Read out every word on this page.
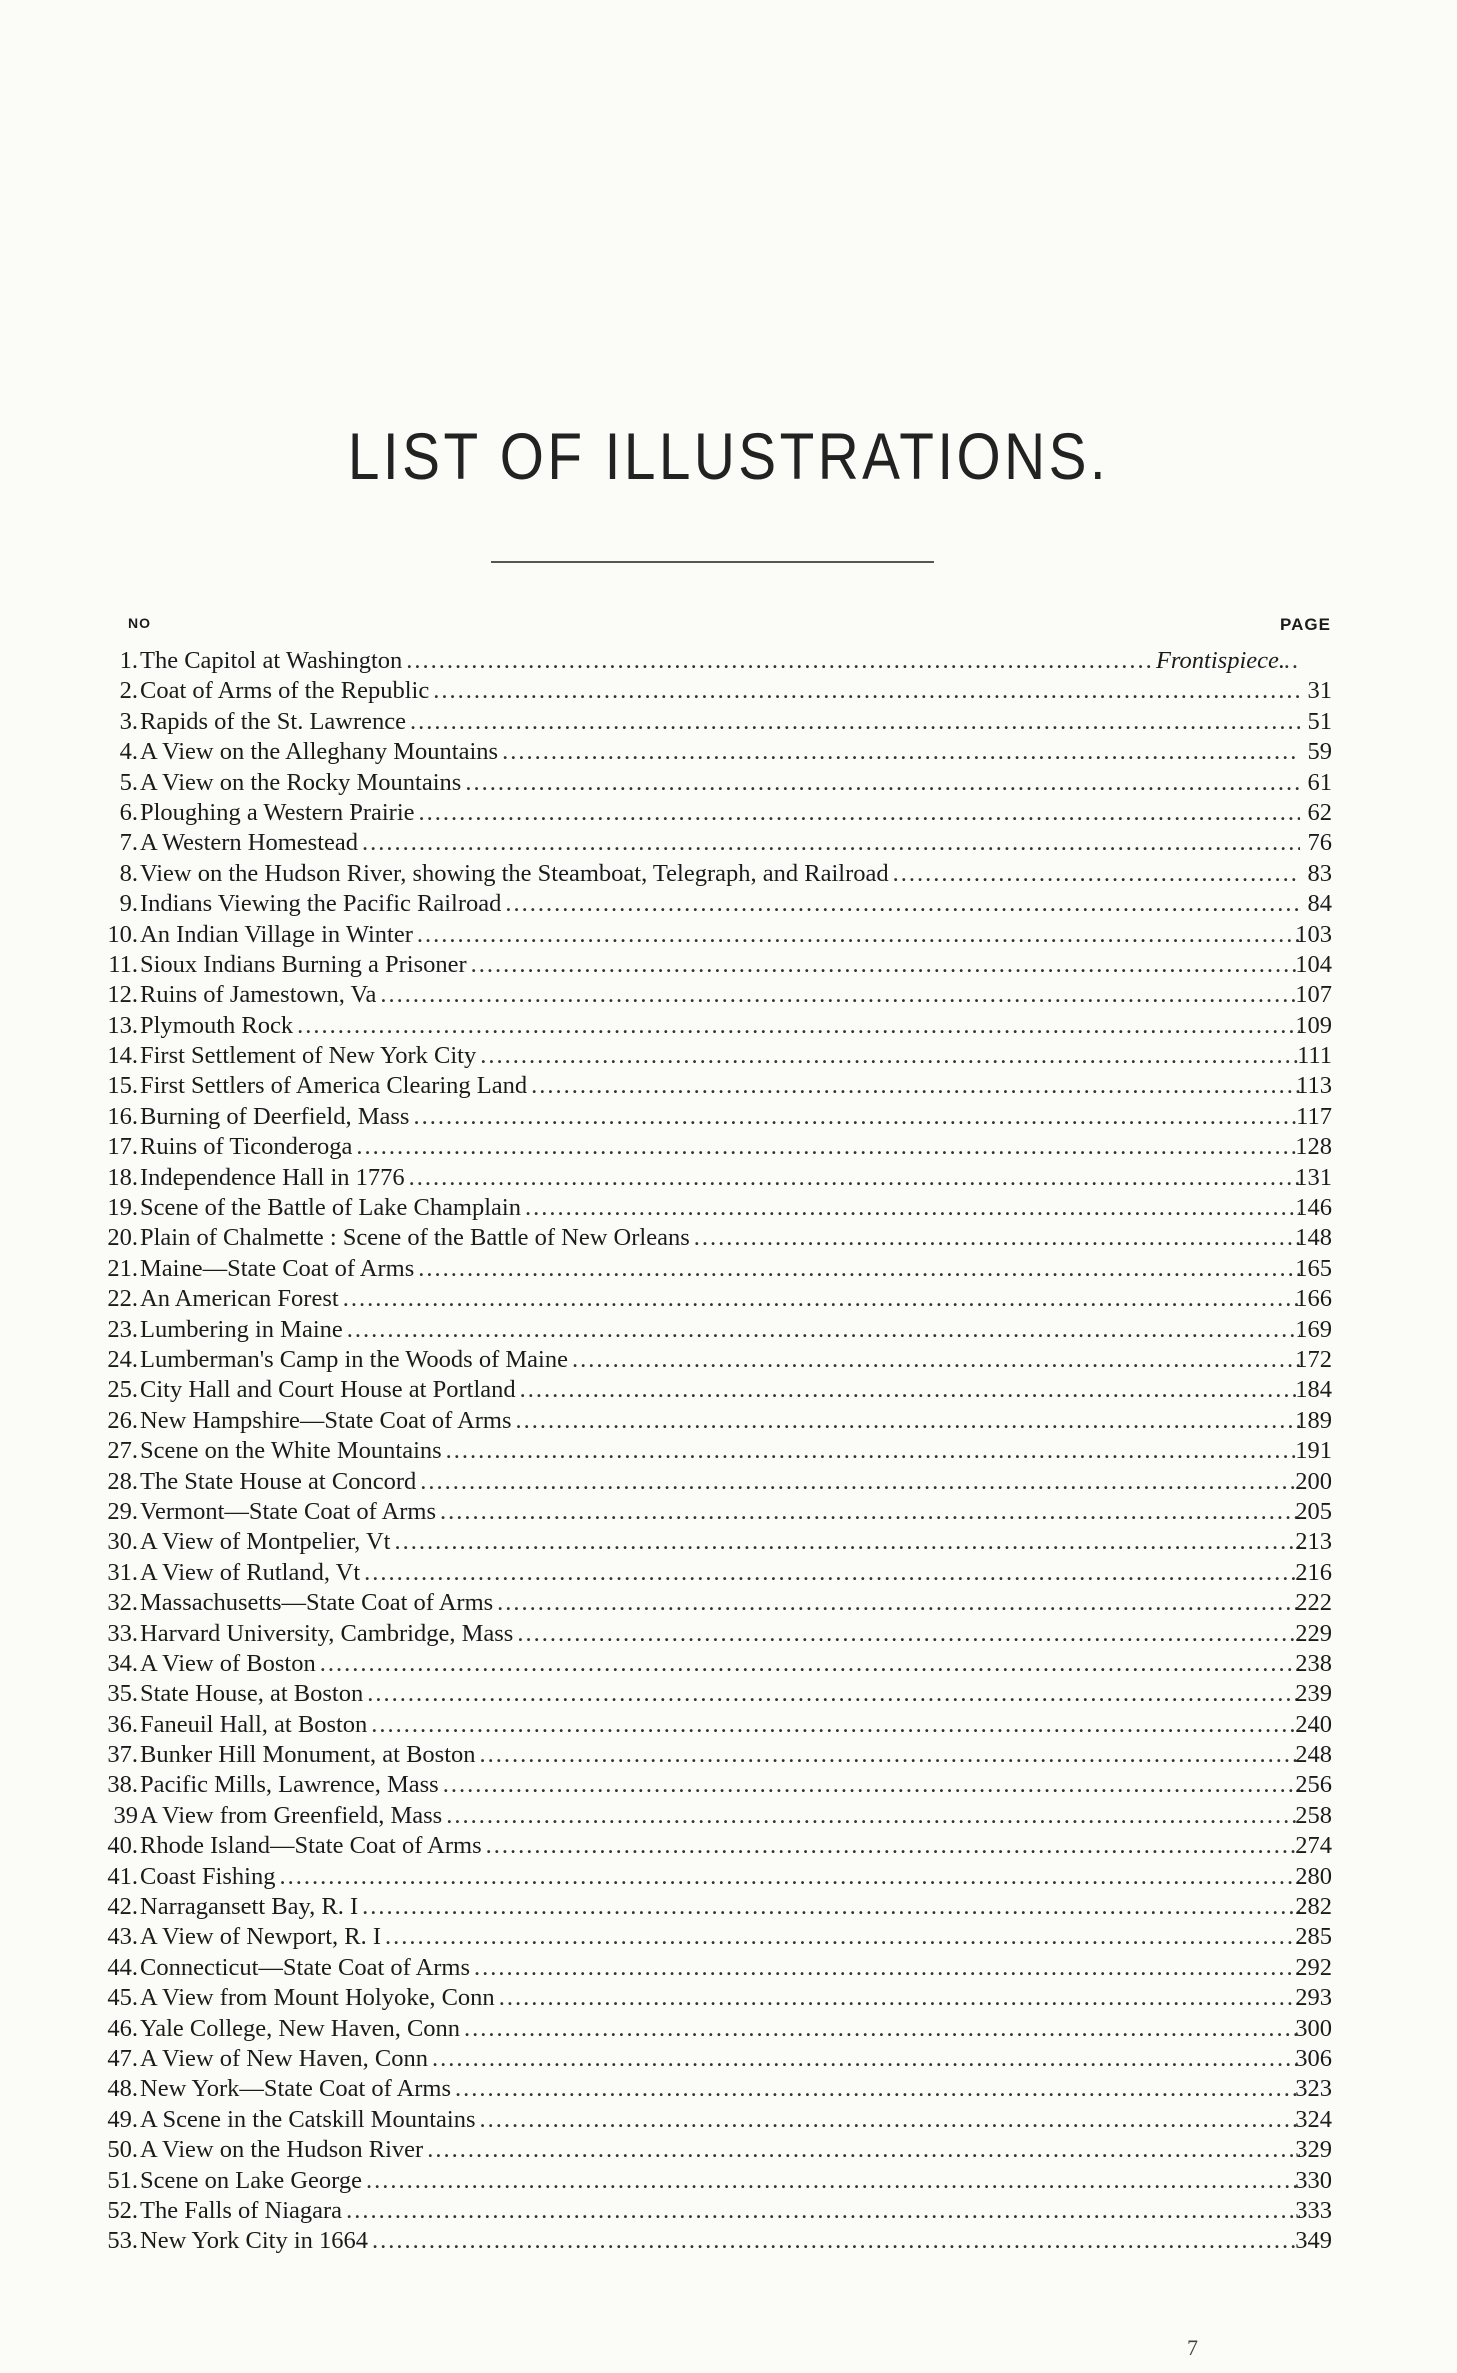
LIST OF ILLUSTRATIONS.
NO	PAGE
1. The Capitol at Washington .....	Frontispiece.
2. Coat of Arms of the Republic .....	31
3. Rapids of the St. Lawrence .....	51
4. A View on the Alleghany Mountains .....	59
5. A View on the Rocky Mountains .....	61
6. Ploughing a Western Prairie .....	62
7. A Western Homestead .....	76
8. View on the Hudson River, showing the Steamboat, Telegraph, and Railroad .....	83
9. Indians Viewing the Pacific Railroad .....	84
10. An Indian Village in Winter .....	103
11. Sioux Indians Burning a Prisoner .....	104
12. Ruins of Jamestown, Va .....	107
13. Plymouth Rock .....	109
14. First Settlement of New York City .....	111
15. First Settlers of America Clearing Land .....	113
16. Burning of Deerfield, Mass .....	117
17. Ruins of Ticonderoga .....	128
18. Independence Hall in 1776 .....	131
19. Scene of the Battle of Lake Champlain .....	146
20. Plain of Chalmette : Scene of the Battle of New Orleans .....	148
21. Maine—State Coat of Arms .....	165
22. An American Forest .....	166
23. Lumbering in Maine .....	169
24. Lumberman's Camp in the Woods of Maine .....	172
25. City Hall and Court House at Portland .....	184
26. New Hampshire—State Coat of Arms .....	189
27. Scene on the White Mountains .....	191
28. The State House at Concord .....	200
29. Vermont—State Coat of Arms .....	205
30. A View of Montpelier, Vt .....	213
31. A View of Rutland, Vt .....	216
32. Massachusetts—State Coat of Arms .....	222
33. Harvard University, Cambridge, Mass .....	229
34. A View of Boston .....	238
35. State House, at Boston .....	239
36. Faneuil Hall, at Boston .....	240
37. Bunker Hill Monument, at Boston .....	248
38. Pacific Mills, Lawrence, Mass .....	256
39 A View from Greenfield, Mass .....	258
40. Rhode Island—State Coat of Arms .....	274
41. Coast Fishing .....	280
42. Narragansett Bay, R. I .....	282
43. A View of Newport, R. I .....	285
44. Connecticut—State Coat of Arms .....	292
45. A View from Mount Holyoke, Conn .....	293
46. Yale College, New Haven, Conn .....	300
47. A View of New Haven, Conn .....	306
48. New York—State Coat of Arms .....	323
49. A Scene in the Catskill Mountains .....	324
50. A View on the Hudson River .....	329
51. Scene on Lake George .....	330
52. The Falls of Niagara .....	333
53. New York City in 1664 .....	349
7
